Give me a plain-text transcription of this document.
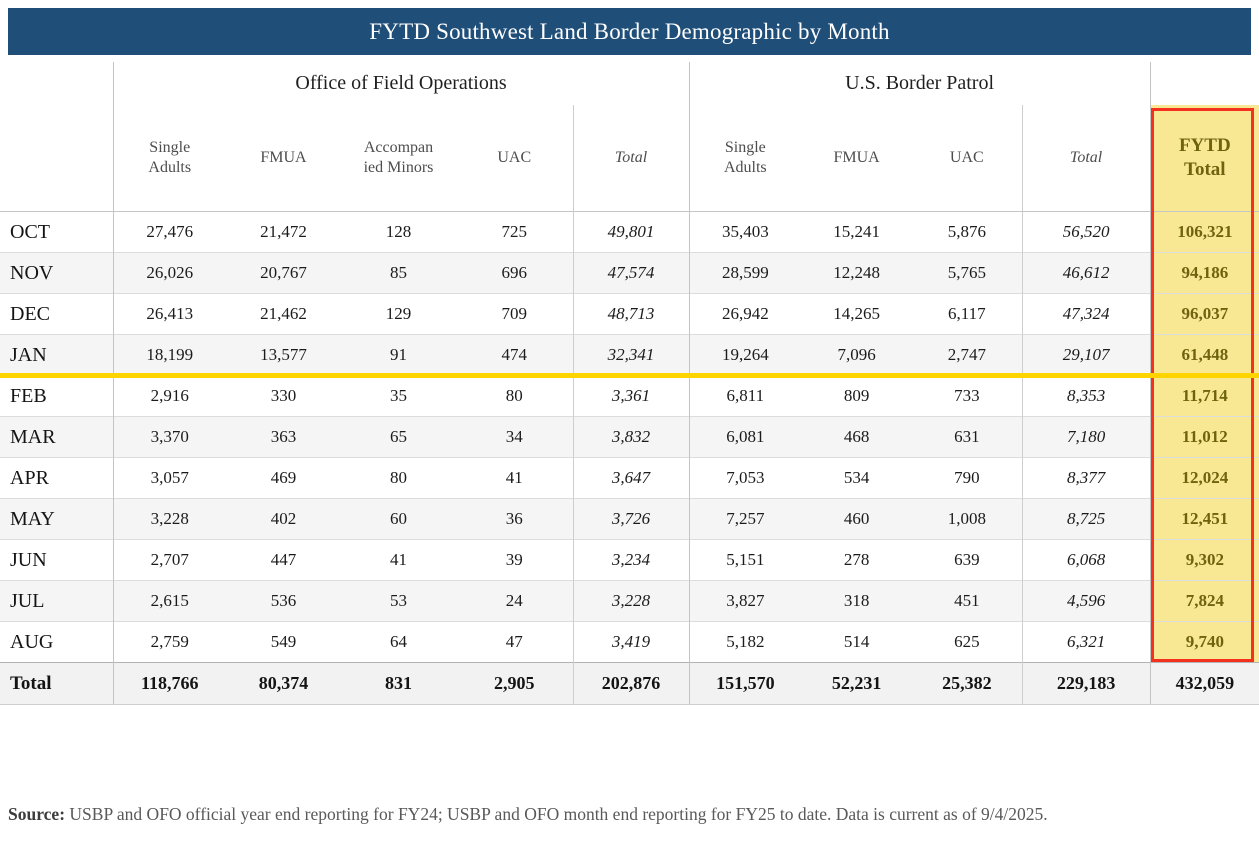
FYTD Southwest Land Border Demographic by Month
	Office of Field Operations					U.S. Border Patrol				
	Single Adults	FMUA	Accompanied Minors	UAC	Total	Single Adults	FMUA	UAC	Total	FYTD Total
OCT	27,476	21,472	128	725	49,801	35,403	15,241	5,876	56,520	106,321
NOV	26,026	20,767	85	696	47,574	28,599	12,248	5,765	46,612	94,186
DEC	26,413	21,462	129	709	48,713	26,942	14,265	6,117	47,324	96,037
JAN	18,199	13,577	91	474	32,341	19,264	7,096	2,747	29,107	61,448
FEB	2,916	330	35	80	3,361	6,811	809	733	8,353	11,714
MAR	3,370	363	65	34	3,832	6,081	468	631	7,180	11,012
APR	3,057	469	80	41	3,647	7,053	534	790	8,377	12,024
MAY	3,228	402	60	36	3,726	7,257	460	1,008	8,725	12,451
JUN	2,707	447	41	39	3,234	5,151	278	639	6,068	9,302
JUL	2,615	536	53	24	3,228	3,827	318	451	4,596	7,824
AUG	2,759	549	64	47	3,419	5,182	514	625	6,321	9,740
Total	118,766	80,374	831	2,905	202,876	151,570	52,231	25,382	229,183	432,059
Source: USBP and OFO official year end reporting for FY24; USBP and OFO month end reporting for FY25 to date. Data is current as of 9/4/2025.
